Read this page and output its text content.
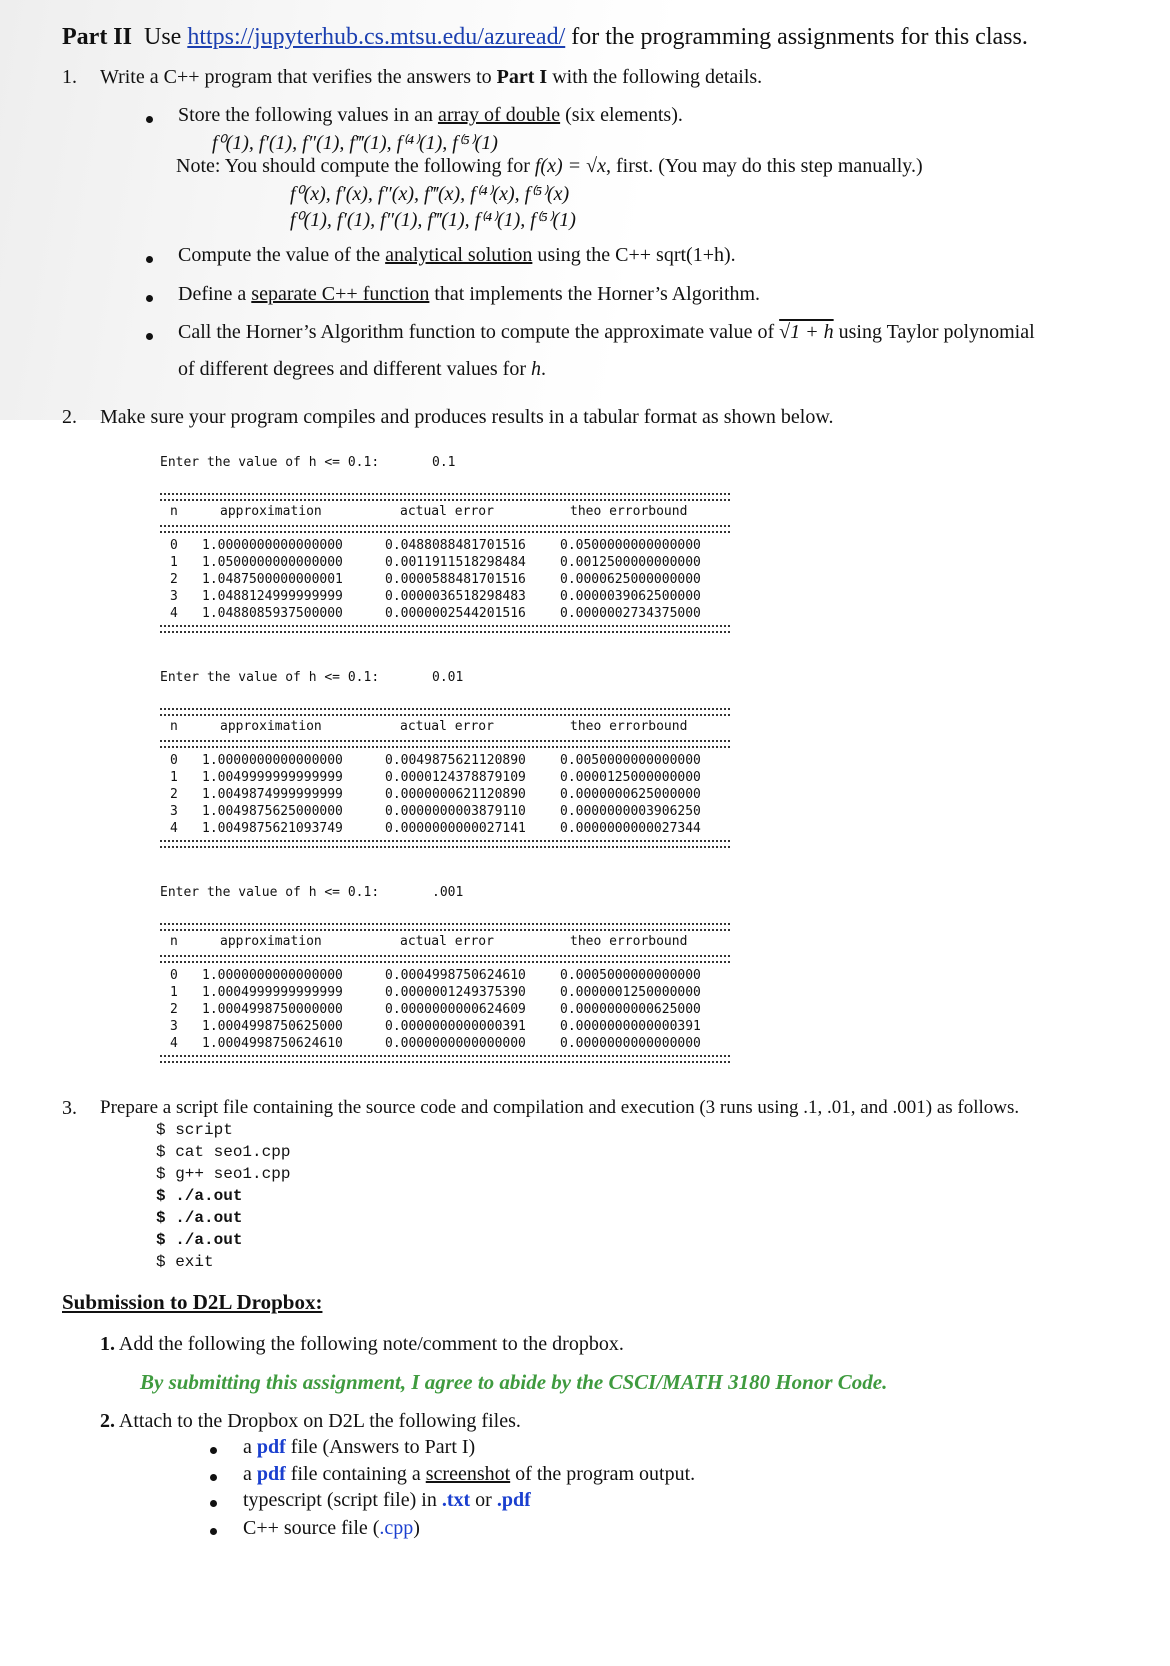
Part II Use https://jupyterhub.cs.mtsu.edu/azuread/ for the programming assignments for this class.
1. Write a C++ program that verifies the answers to Part I with the following details.
Store the following values in an array of double (six elements).
f⁰(1), f′(1), f″(1), f‴(1), f⁽⁴⁾(1), f⁽⁵⁾(1)
Note: You should compute the following for f(x) = √x, first. (You may do this step manually.)
f⁰(x), f′(x), f″(x), f‴(x), f⁽⁴⁾(x), f⁽⁵⁾(x)
f⁰(1), f′(1), f″(1), f‴(1), f⁽⁴⁾(1), f⁽⁵⁾(1)
Compute the value of the analytical solution using the C++ sqrt(1+h).
Define a separate C++ function that implements the Horner’s Algorithm.
Call the Horner’s Algorithm function to compute the approximate value of √1 + h using Taylor polynomial
of different degrees and different values for h.
2. Make sure your program compiles and produces results in a tabular format as shown below.
Enter the value of h <= 0.1:	0.1
n	approximation	actual error	theo errorbound
0 1.0000000000000000	0.0488088481701516	0.0500000000000000
1 1.0500000000000000	0.0011911518298484	0.0012500000000000
2 1.0487500000000001	0.0000588481701516	0.0000625000000000
3 1.0488124999999999	0.0000036518298483	0.0000039062500000
4 1.0488085937500000	0.0000002544201516	0.0000002734375000
Enter the value of h <= 0.1:	0.01
n	approximation	actual error	theo errorbound
0 1.0000000000000000	0.0049875621120890	0.0050000000000000
1 1.0049999999999999	0.0000124378879109	0.0000125000000000
2 1.0049874999999999	0.0000000621120890	0.0000000625000000
3 1.0049875625000000	0.0000000003879110	0.0000000003906250
4 1.0049875621093749	0.0000000000027141	0.0000000000027344
Enter the value of h <= 0.1:	.001
n	approximation	actual error	theo errorbound
0 1.0000000000000000	0.0004998750624610	0.0005000000000000
1 1.0004999999999999	0.0000001249375390	0.0000001250000000
2 1.0004998750000000	0.0000000000624609	0.0000000000625000
3 1.0004998750625000	0.0000000000000391	0.0000000000000391
4 1.0004998750624610	0.0000000000000000	0.0000000000000000
3. Prepare a script file containing the source code and compilation and execution (3 runs using .1, .01, and .001) as follows.
$ script
$ cat seo1.cpp
$ g++ seo1.cpp
$ ./a.out
$ ./a.out
$ ./a.out
$ exit
Submission to D2L Dropbox:
1. Add the following the following note/comment to the dropbox.
By submitting this assignment, I agree to abide by the CSCI/MATH 3180 Honor Code.
2. Attach to the Dropbox on D2L the following files.
a pdf file (Answers to Part I)
a pdf file containing a screenshot of the program output.
typescript (script file) in .txt or .pdf
C++ source file (.cpp)
